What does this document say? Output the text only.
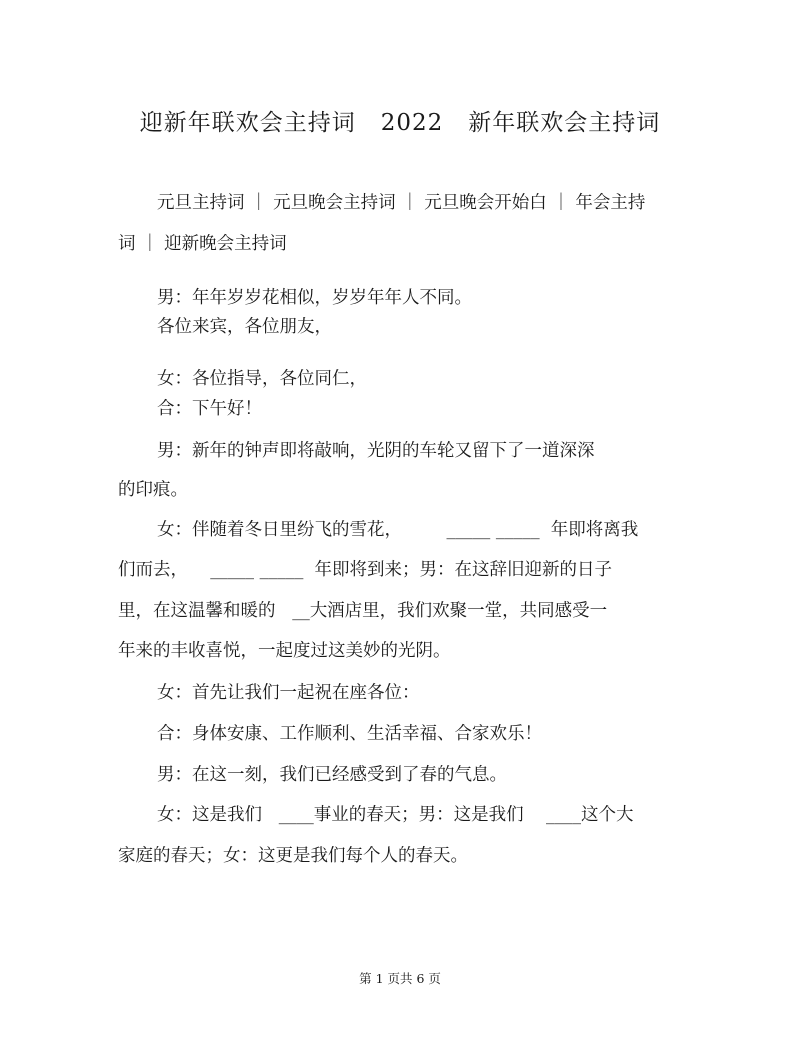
迎新年联欢会主持词   2022   新年联欢会主持词
元旦主持词 ｜ 元旦晚会主持词 ｜ 元旦晚会开始白 ｜ 年会主持
词 ｜ 迎新晚会主持词
男：年年岁岁花相似，岁岁年年人不同。
各位来宾，各位朋友，
女：各位指导，各位同仁，
合：下午好！
男：新年的钟声即将敲响，光阴的车轮又留下了一道深深
的印痕。
女：伴随着冬日里纷飞的雪花，        _____ _____  年即将离我
们而去，    _____ _____  年即将到来；男：在这辞旧迎新的日子
里，在这温馨和暖的   __大酒店里，我们欢聚一堂，共同感受一
年来的丰收喜悦，一起度过这美妙的光阴。
女：首先让我们一起祝在座各位：
合：身体安康、工作顺利、生活幸福、合家欢乐！
男：在这一刻，我们已经感受到了春的气息。
女：这是我们   ____事业的春天；男：这是我们    ____这个大
家庭的春天；女：这更是我们每个人的春天。
第 1 页共 6 页
